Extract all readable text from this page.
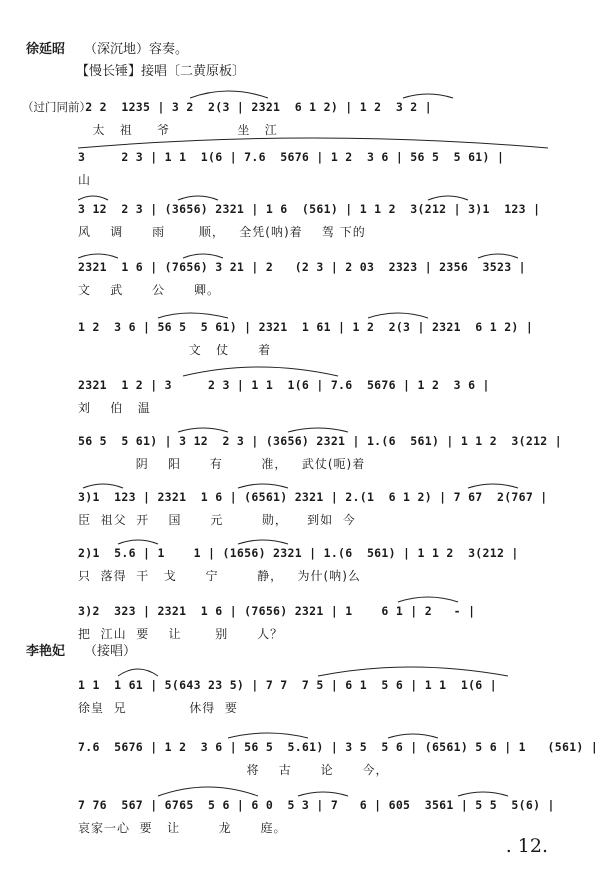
徐延昭 （深沉地）容奏。
【慢长锤】接唱〔二黄原板〕
（过门同前）
2 2  1235 | 3 2  2(3 | 2321  6 1 2) | 1 2  3 2 |
太   祖     爷              坐   江
3     2 3 | 1 1  1(6 | 7.6  5676 | 1 2  3 6 | 56 5  5 61) |
山
3 12  2 3 | (3656) 2321 | 1 6  (561) | 1 1 2  3(212 | 3)1  123 |
风    调      雨       顺，   全凭(呐)着    驾 下的
2321  1 6 | (7656) 3 21 | 2   (2 3 | 2 03  2323 | 2356  3523 |
文    武      公      卿。
1 2  3 6 | 56 5  5 61) | 2321  1 61 | 1 2  2(3 | 2321  6 1 2) |
文   仗      着
2321  1 2 | 3     2 3 | 1 1  1(6 | 7.6  5676 | 1 2  3 6 |
刘    伯   温
56 5  5 61) | 3 12  2 3 | (3656) 2321 | 1.(6  561) | 1 1 2  3(212 |
阴    阳      有        准，   武仗(呃)着
3)1  123 | 2321  1 6 | (6561) 2321 | 2.(1  6 1 2) | 7 67  2(767 |
臣  祖父  开    国      元        勋，    到如  今
2)1  5.6 | 1    1 | (1656) 2321 | 1.(6  561) | 1 1 2  3(212 |
只  落得  干   戈      宁        静，   为什(呐)么
3)2  323 | 2321  1 6 | (7656) 2321 | 1    6 1 | 2   - |
把  江山  要    让       别      人？
李艳妃 （接唱）
1 1  1 61 | 5(643 23 5) | 7 7  7 5 | 6 1  5 6 | 1 1  1(6 |
徐皇  兄             休得  要
7.6  5676 | 1 2  3 6 | 56 5  5.61) | 3 5  5 6 | (6561) 5 6 | 1   (561) |
将    古      论      今，
7 76  567 | 6765  5 6 | 6 0  5 3 | 7   6 | 605  3561 | 5 5  5(6) |
哀家一心  要   让        龙      庭。
. 12.
